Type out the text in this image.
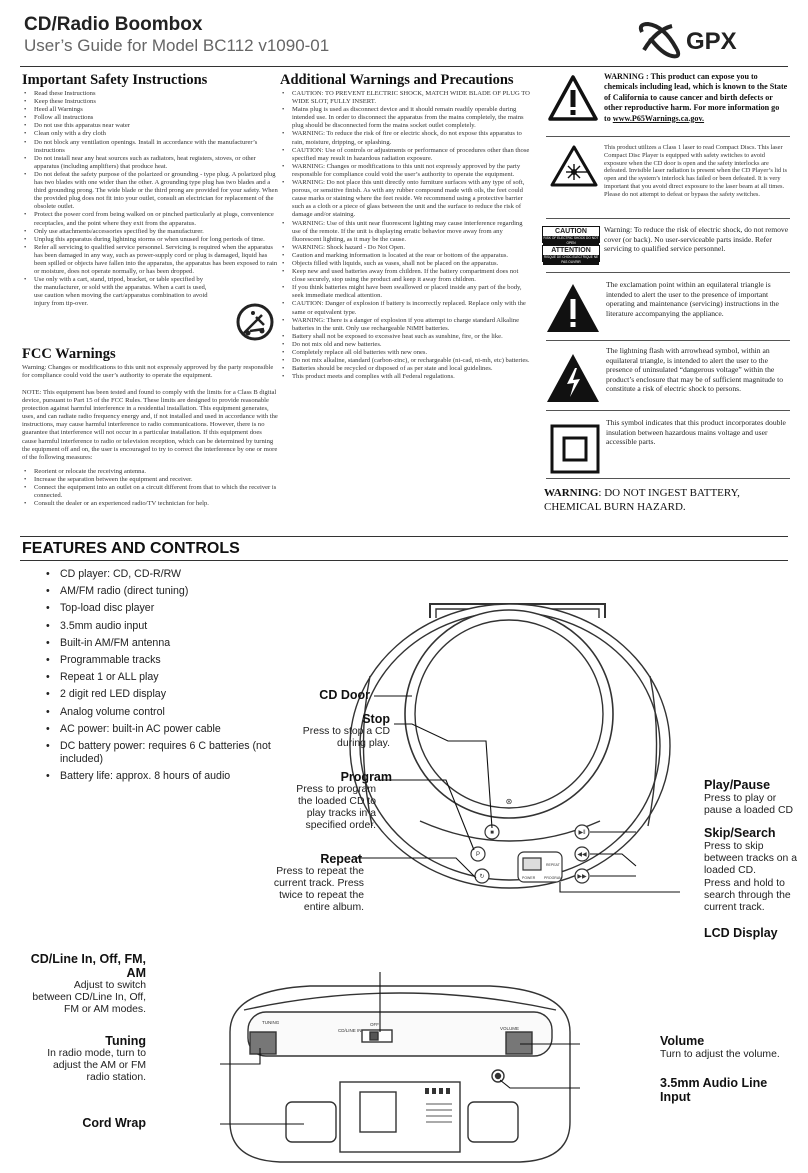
CD/Radio Boombox
User’s Guide for Model BC112 v1090-01	GPX
Important Safety Instructions
• Read these Instructions
• Keep these Instructions
• Heed all Warnings
• Follow all instructions
• Do not use this apparatus near water
• Clean only with a dry cloth
• Do not block any ventilation openings. Install in accordance with the manufacturer’s instructions
• Do not install near any heat sources such as radiators, heat registers, stoves, or other apparatus (including amplifiers) that produce heat.
• Do not defeat the safety purpose of the polarized or grounding - type plug. A polarized plug has two blades with one wider than the other. A grounding type plug has two blades and a third grounding prong. The wide blade or the third prong are provided for your safety. When the provided plug does not fit into your outlet, consult an electrician for replacement of the obsolete outlet.
• Protect the power cord from being walked on or pinched particularly at plugs, convenience receptacles, and the point where they exit from the apparatus.
• Only use attachments/accessories specified by the manufacturer.
• Unplug this apparatus during lightning storms or when unused for long periods of time.
• Refer all servicing to qualified service personnel. Servicing is required when the apparatus has been damaged in any way, such as power-supply cord or plug is damaged, liquid has been spilled or objects have fallen into the apparatus, the apparatus has been exposed to rain or moisture, does not operate normally, or has been dropped.
• Use only with a cart, stand, tripod, bracket, or table specified by the manufacturer, or sold with the apparatus. When a cart is used, use caution when moving the cart/apparatus combination to avoid injury from tip-over.
FCC Warnings
Warning: Changes or modifications to this unit not expressly approved by the party responsible for compliance could void the user’s authority to operate the equipment.
NOTE: This equipment has been tested and found to comply with the limits for a Class B digital device, pursuant to Part 15 of the FCC Rules. These limits are designed to provide reasonable protection against harmful interference in a residential installation. This equipment generates, uses, and can radiate radio frequency energy and, if not installed and used in accordance with the instructions, may cause harmful interference to radio communications. However, there is no guarantee that interference will not occur in a particular installation. If this equipment does cause harmful interference to radio or television reception, which can be determined by turning the equipment off and on, the user is encouraged to try to correct the interference by one or more of the following measures:
• Reorient or relocate the receiving antenna.
• Increase the separation between the equipment and receiver.
• Connect the equipment into an outlet on a circuit different from that to which the receiver is connected.
• Consult the dealer or an experienced radio/TV technician for help.
Additional Warnings and Precautions
• CAUTION: TO PREVENT ELECTRIC SHOCK, MATCH WIDE BLADE OF PLUG TO WIDE SLOT, FULLY INSERT.
• Mains plug is used as disconnect device and it should remain readily operable during intended use. In order to disconnect the apparatus from the mains completely, the mains plug should be disconnected form the mains socket outlet completely.
• WARNING: To reduce the risk of fire or electric shock, do not expose this apparatus to rain, moisture, dripping, or splashing.
• CAUTION: Use of controls or adjustments or performance of procedures other than those specified may result in hazardous radiation exposure.
• WARNING: Changes or modifications to this unit not expressly approved by the party responsible for compliance could void the user’s authority to operate the equipment.
• WARNING: Do not place this unit directly onto furniture surfaces with any type of soft, porous, or sensitive finish. As with any rubber compound made with oils, the feet could cause marks or staining where the feet reside. We recommend using a protective barrier such as a cloth or a piece of glass between the unit and the surface to reduce the risk of damage and/or staining.
• WARNING: Use of this unit near fluorescent lighting may cause interference regarding use of the remote. If the unit is displaying erratic behavior move away from any fluorescent lighting, as it may be the cause.
• WARNING: Shock hazard - Do Not Open.
• Caution and marking information is located at the rear or bottom of the apparatus.
• Objects filled with liquids, such as vases, shall not be placed on the apparatus.
• Keep new and used batteries away from children. If the battery compartment does not close securely, stop using the product and keep it away from children.
• If you think batteries might have been swallowed or placed inside any part of the body, seek immediate medical attention.
• CAUTION: Danger of explosion if battery is incorrectly replaced. Replace only with the same or equivalent type.
• WARNING: There is a danger of explosion if you attempt to charge standard Alkaline batteries in the unit. Only use rechargeable NiMH batteries.
• Battery shall not be exposed to excessive heat such as sunshine, fire, or the like.
• Do not mix old and new batteries.
• Completely replace all old batteries with new ones.
• Do not mix alkaline, standard (carbon-zinc), or rechargeable (ni-cad, ni-mh, etc) batteries.
• Batteries should be recycled or disposed of as per state and local guidelines.
• This product meets and complies with all Federal regulations.
WARNING : This product can expose you to chemicals including lead, which is known to the State of California to cause cancer and birth defects or other reproductive harm. For more information go to www.P65Warnings.ca.gov.
This product utilizes a Class 1 laser to read Compact Discs. This laser Compact Disc Player is equipped with safety switches to avoid exposure when the CD door is open and the safety interlocks are defeated. Invisible laser radiation is present when the CD Player’s lid is open and the system’s interlock has failed or been defeated. It is very important that you avoid direct exposure to the laser beam at all times. Please do not attempt to defeat or bypass the safety switches.
CAUTION
RISK OF ELECTRIC SHOCK DO NOT OPEN
ATTENTION
RISQUE DE CHOC ELECTRIQUE NE PAS OUVRIR
Warning: To reduce the risk of electric shock, do not remove cover (or back). No user-serviceable parts inside. Refer servicing to qualified service personnel.
The exclamation point within an equilateral triangle is intended to alert the user to the presence of important operating and maintenance (servicing) instructions in the literature accompanying the appliance.
The lightning flash with arrowhead symbol, within an equilateral triangle, is intended to alert the user to the presence of uninsulated “dangerous voltage” within the product’s enclosure that may be of sufficient magnitude to constitute a risk of electric shock to persons.
This symbol indicates that this product incorporates double insulation between hazardous mains voltage and user accessible parts.
WARNING: DO NOT INGEST BATTERY, CHEMICAL BURN HAZARD.
FEATURES AND CONTROLS
• CD player: CD, CD-R/RW
• AM/FM radio (direct tuning)
• Top-load disc player
• 3.5mm audio input
• Built-in AM/FM antenna
• Programmable tracks
• Repeat 1 or ALL play
• 2 digit red LED display
• Analog volume control
• AC power: built-in AC power cable
• DC battery power: requires 6 C batteries (not included)
• Battery life: approx. 8 hours of audio
⊛
■
P
↻
▶‖
◀◀
▶▶
POWER	PROGRAM
REPEAT
CD Door
Stop
Press to stop a CD during play.
Program
Press to program the loaded CD to play tracks in a specified order.
Repeat
Press to repeat the current track. Press twice to repeat the entire album.
Play/Pause
Press to play or pause a loaded CD
Skip/Search
Press to skip between tracks on a loaded CD.
Press and hold to search through the current track.
LCD Display
TUNING
VOLUME
CD/LINE IN
OFF
CD/Line In, Off, FM, AM
Adjust to switch between CD/Line In, Off, FM or AM modes.
Tuning
In radio mode, turn to adjust the AM or FM radio station.
Cord Wrap
Volume
Turn to adjust the volume.
3.5mm Audio Line Input
